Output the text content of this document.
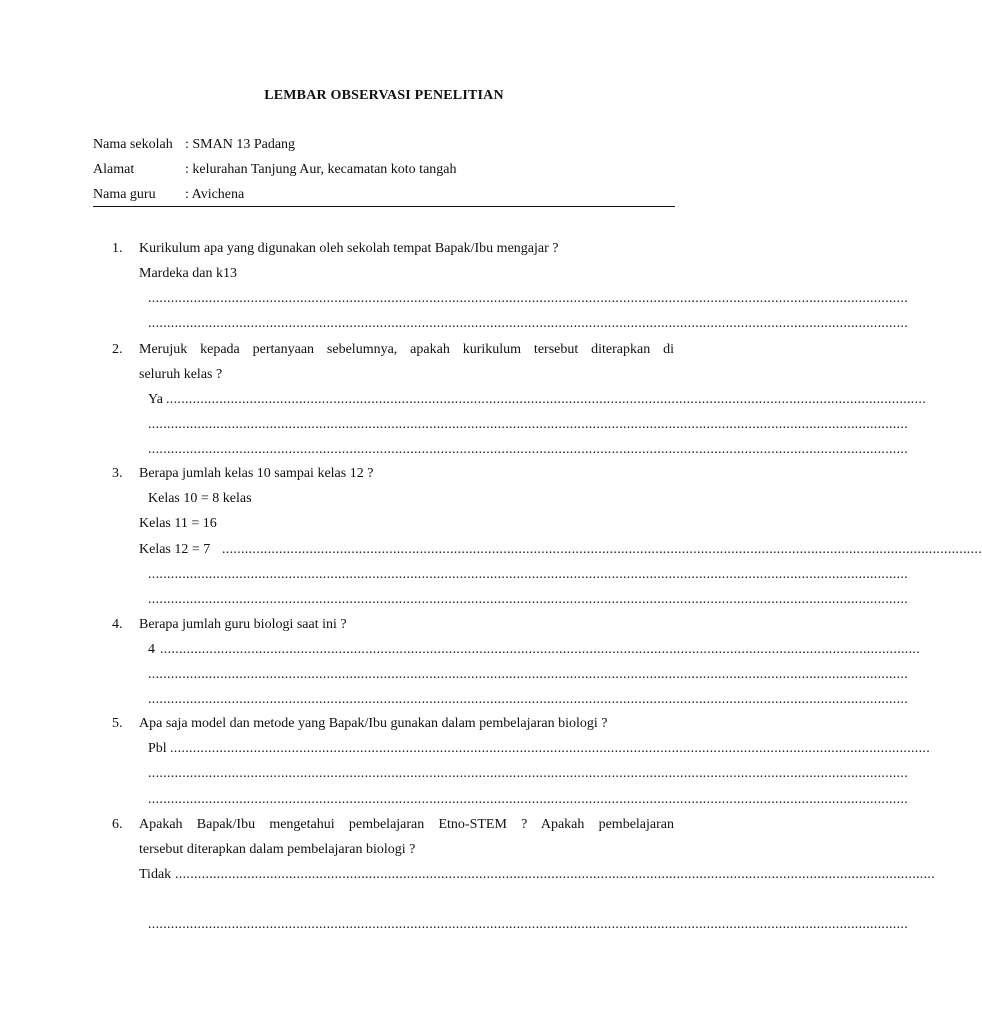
LEMBAR OBSERVASI PENELITIAN
Nama sekolah : SMAN 13 Padang
Alamat	: kelurahan Tanjung Aur, kecamatan koto tangah
Nama guru : Avichena
1.	Kurikulum apa yang digunakan oleh sekolah tempat Bapak/Ibu mengajar ?
Mardeka dan k13
........................................................................................................................................................................................................
........................................................................................................................................................................................................
2.	Merujuk kepada pertanyaan sebelumnya, apakah kurikulum tersebut diterapkan di
seluruh kelas ?
Ya ........................................................................................................................................................................................................
........................................................................................................................................................................................................
........................................................................................................................................................................................................
3.	Berapa jumlah kelas 10 sampai kelas 12 ?
Kelas 10 = 8 kelas
Kelas 11 = 16
Kelas 12 = 7 ........................................................................................................................................................................................................
........................................................................................................................................................................................................
........................................................................................................................................................................................................
4.	Berapa jumlah guru biologi saat ini ?
4 ........................................................................................................................................................................................................
........................................................................................................................................................................................................
........................................................................................................................................................................................................
5.	Apa saja model dan metode yang Bapak/Ibu gunakan dalam pembelajaran biologi ?
Pbl ........................................................................................................................................................................................................
........................................................................................................................................................................................................
........................................................................................................................................................................................................
6.	Apakah Bapak/Ibu mengetahui pembelajaran Etno-STEM ? Apakah pembelajaran
tersebut diterapkan dalam pembelajaran biologi ?
Tidak ........................................................................................................................................................................................................
........................................................................................................................................................................................................
